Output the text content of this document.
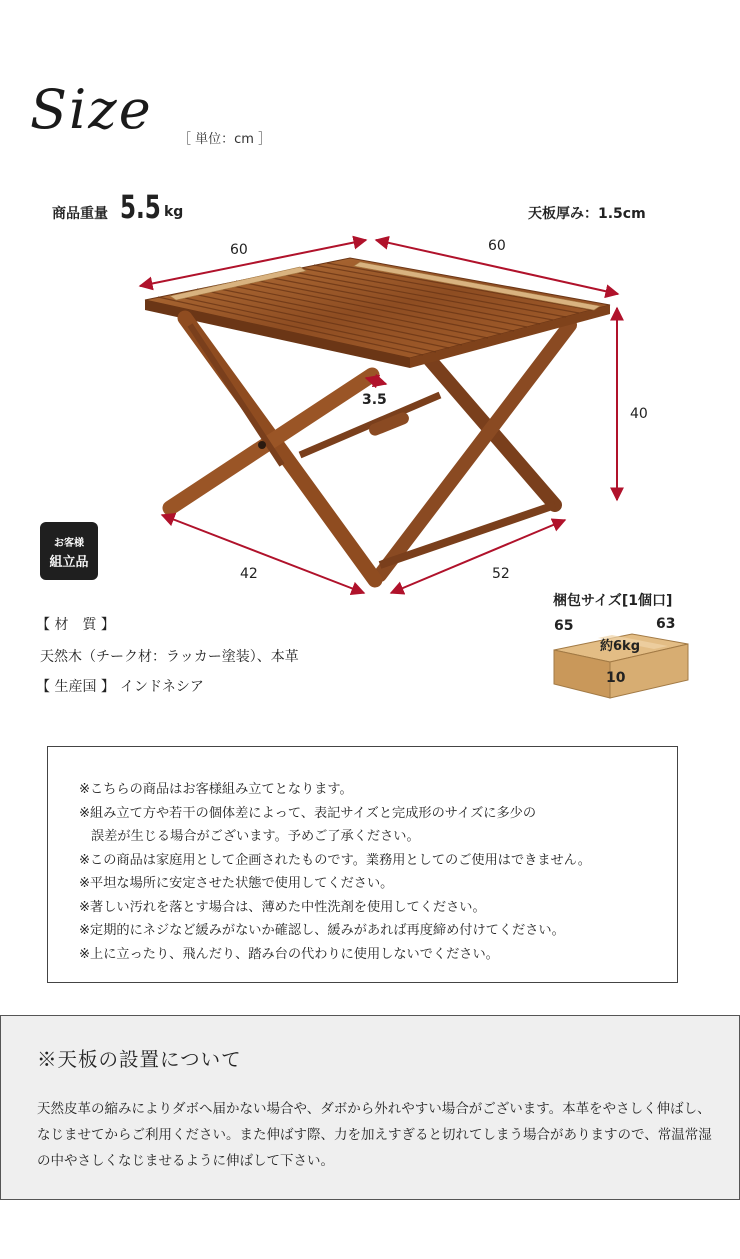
Size ［ 単位：cm ］
商品重量 5.5 kg	天板厚み：1.5cm
60	60
40
3.5
42	52
お客様
組立品
【 材　質 】
天然木（チーク材：ラッカー塗装）、本革
【 生産国 】 インドネシア
梱包サイズ[1個口]
65	63
約6kg
10
※こちらの商品はお客様組み立てとなります。
※組み立て方や若干の個体差によって、表記サイズと完成形のサイズに多少の
誤差が生じる場合がございます。予めご了承ください。
※この商品は家庭用として企画されたものです。業務用としてのご使用はできません。
※平坦な場所に安定させた状態で使用してください。
※著しい汚れを落とす場合は、薄めた中性洗剤を使用してください。
※定期的にネジなど緩みがないか確認し、緩みがあれば再度締め付けてください。
※上に立ったり、飛んだり、踏み台の代わりに使用しないでください。
※天板の設置について

天然皮革の縮みによりダボへ届かない場合や、ダボから外れやすい場合がございます。本革をやさしく伸ばし、なじませてからご利用ください。また伸ばす際、力を加えすぎると切れてしまう場合がありますので、常温常湿の中やさしくなじませるように伸ばして下さい。
